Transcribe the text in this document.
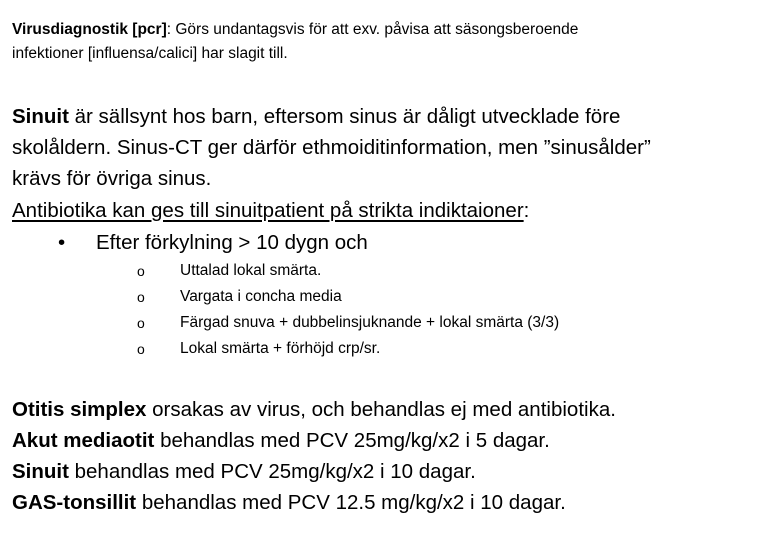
Virusdiagnostik [pcr]: Görs undantagsvis för att exv. påvisa att säsongsberoende

infektioner [influensa/calici] har slagit till.

Sinuit är sällsynt hos barn, eftersom sinus är dåligt utvecklade före

skolåldern. Sinus-CT ger därför ethmoiditinformation, men ”sinusålder”

krävs för övriga sinus.

Antibiotika kan ges till sinuitpatient på strikta indiktaioner:

• Efter förkylning > 10 dygn och
o Uttalad lokal smärta.
o Vargata i concha media
o Färgad snuva + dubbelinsjuknande + lokal smärta (3/3)
o Lokal smärta + förhöjd crp/sr.

Otitis simplex orsakas av virus, och behandlas ej med antibiotika.

Akut mediaotit behandlas med PCV 25mg/kg/x2 i 5 dagar.

Sinuit behandlas med PCV 25mg/kg/x2 i 10 dagar.

GAS-tonsillit behandlas med PCV 12.5 mg/kg/x2 i 10 dagar.
